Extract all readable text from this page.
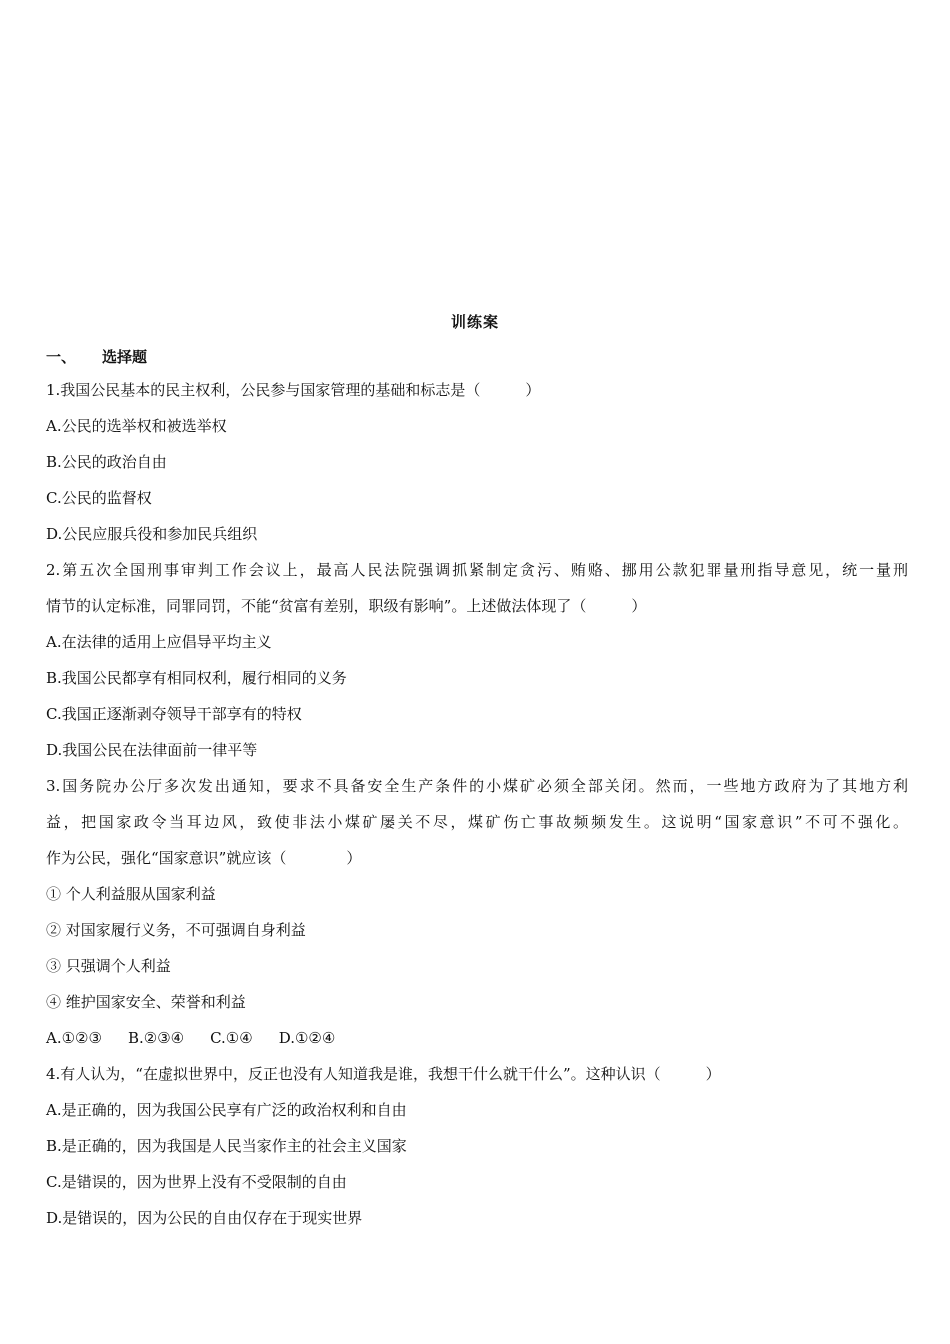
训练案
一、 选择题
1.我国公民基本的民主权利，公民参与国家管理的基础和标志是（　　　）
A.公民的选举权和被选举权
B.公民的政治自由
C.公民的监督权
D.公民应服兵役和参加民兵组织
2.第五次全国刑事审判工作会议上，最高人民法院强调抓紧制定贪污、贿赂、挪用公款犯罪量刑指导意见，统一量刑
情节的认定标准，同罪同罚，不能“贫富有差别，职级有影响”。上述做法体现了（　　　）
A.在法律的适用上应倡导平均主义
B.我国公民都享有相同权利，履行相同的义务
C.我国正逐渐剥夺领导干部享有的特权
D.我国公民在法律面前一律平等
3.国务院办公厅多次发出通知，要求不具备安全生产条件的小煤矿必须全部关闭。然而，一些地方政府为了其地方利
益，把国家政令当耳边风，致使非法小煤矿屡关不尽，煤矿伤亡事故频频发生。这说明“国家意识”不可不强化。
作为公民，强化“国家意识”就应该（　　　　）
① 个人利益服从国家利益
② 对国家履行义务，不可强调自身利益
③ 只强调个人利益
④ 维护国家安全、荣誉和利益
A.①②③ B.②③④ C.①④ D.①②④
4.有人认为，“在虚拟世界中，反正也没有人知道我是谁，我想干什么就干什么”。这种认识（　　　）
A.是正确的，因为我国公民享有广泛的政治权利和自由
B.是正确的，因为我国是人民当家作主的社会主义国家
C.是错误的，因为世界上没有不受限制的自由
D.是错误的，因为公民的自由仅存在于现实世界
